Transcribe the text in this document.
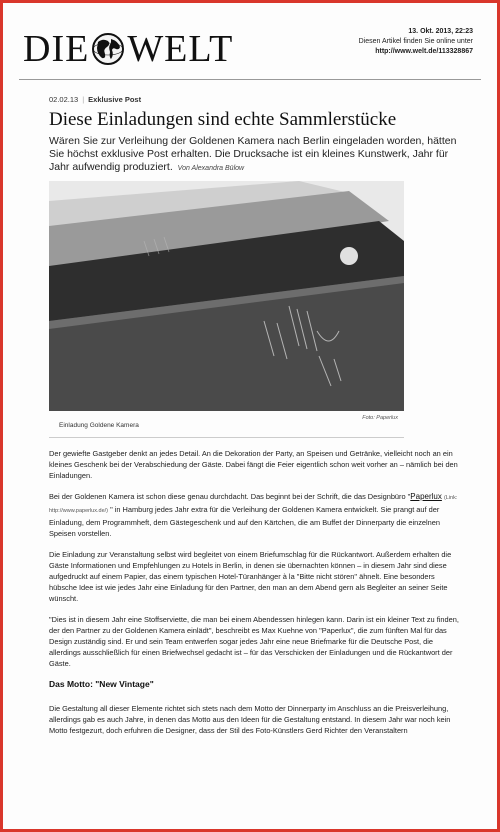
DIE WELT	13. Okt. 2013, 22:23
Diesen Artikel finden Sie online unter
http://www.welt.de/113328867
02.02.13 | Exklusive Post
Diese Einladungen sind echte Sammlerstücke

Wären Sie zur Verleihung der Goldenen Kamera nach Berlin eingeladen worden, hätten Sie höchst exklusive Post erhalten. Die Drucksache ist ein kleines Kunstwerk, Jahr für Jahr aufwendig produziert. Von Alexandra Bülow

Einladung Goldene Kamera
Foto: Paperlux

Der gewiefte Gastgeber denkt an jedes Detail. An die Dekoration der Party, an Speisen und Getränke, vielleicht noch an ein kleines Geschenk bei der Verabschiedung der Gäste. Dabei fängt die Feier eigentlich schon weit vorher an – nämlich bei den Einladungen.

Bei der Goldenen Kamera ist schon diese genau durchdacht. Das beginnt bei der Schrift, die das Designbüro "Paperlux (Link: http://www.paperlux.de/) " in Hamburg jedes Jahr extra für die Verleihung der Goldenen Kamera entwickelt. Sie prangt auf der Einladung, dem Programmheft, dem Gästegeschenk und auf den Kärtchen, die am Buffet der Dinnerparty die einzelnen Speisen vorstellen.

Die Einladung zur Veranstaltung selbst wird begleitet von einem Briefumschlag für die Rückantwort. Außerdem erhalten die Gäste Informationen und Empfehlungen zu Hotels in Berlin, in denen sie übernachten können – in diesem Jahr sind diese aufgedruckt auf einem Papier, das einem typischen Hotel-Türanhänger à la "Bitte nicht stören" ähnelt. Eine besonders hübsche Idee ist wie jedes Jahr eine Einladung für den Partner, den man an dem Abend gern als Begleiter an seiner Seite wünscht.

"Dies ist in diesem Jahr eine Stoffserviette, die man bei einem Abendessen hinlegen kann. Darin ist ein kleiner Text zu finden, der den Partner zu der Goldenen Kamera einlädt", beschreibt es Max Kuehne von "Paperlux", die zum fünften Mal für das Design zuständig sind. Er und sein Team entwerfen sogar jedes Jahr eine neue Briefmarke für die Deutsche Post, die allerdings ausschließlich für einen Briefwechsel gedacht ist – für das Verschicken der Einladungen und die Rückantwort der Gäste.

Das Motto: "New Vintage"

Die Gestaltung all dieser Elemente richtet sich stets nach dem Motto der Dinnerparty im Anschluss an die Preisverleihung, allerdings gab es auch Jahre, in denen das Motto aus den Ideen für die Gestaltung entstand. In diesem Jahr war noch kein Motto festgezurt, doch erfuhren die Designer, dass der Stil des Foto-Künstlers Gerd Richter den Veranstaltern
